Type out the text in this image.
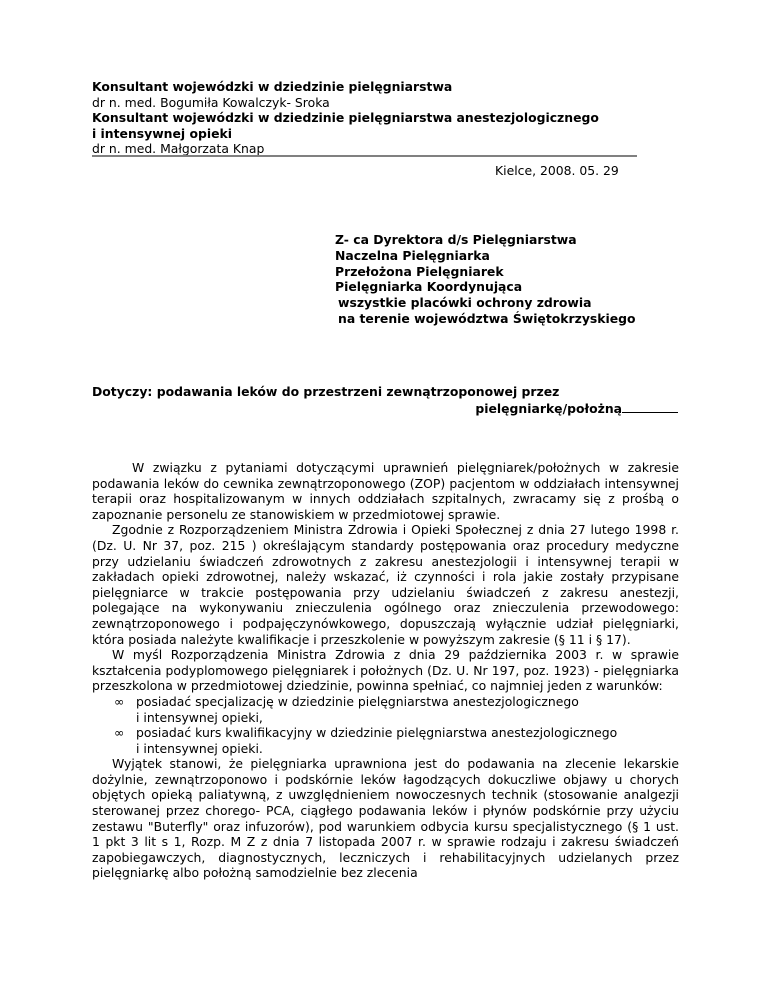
Konsultant wojewódzki w dziedzinie pielęgniarstwa
dr n. med. Bogumiła Kowalczyk- Sroka
Konsultant wojewódzki w dziedzinie pielęgniarstwa anestezjologicznego
i intensywnej opieki
dr n. med. Małgorzata Knap
Kielce, 2008. 05. 29
Z- ca Dyrektora d/s Pielęgniarstwa
Naczelna Pielęgniarka
Przełożona Pielęgniarek
Pielęgniarka Koordynująca
wszystkie placówki ochrony zdrowia
na terenie województwa Świętokrzyskiego
Dotyczy: podawania leków do przestrzeni zewnątrzoponowej przez
pielęgniarkę/położną

W związku z pytaniami dotyczącymi uprawnień pielęgniarek/położnych w zakresie podawania leków do cewnika zewnątrzoponowego (ZOP) pacjentom w oddziałach intensywnej terapii oraz hospitalizowanym w innych oddziałach szpitalnych, zwracamy się z prośbą o zapoznanie personelu ze stanowiskiem w przedmiotowej sprawie.

Zgodnie z Rozporządzeniem Ministra Zdrowia i Opieki Społecznej z dnia 27 lutego 1998 r.(Dz. U. Nr 37, poz. 215 ) określającym standardy postępowania oraz procedury medyczne przy udzielaniu świadczeń zdrowotnych z zakresu anestezjologii i intensywnej terapii w zakładach opieki zdrowotnej, należy wskazać, iż czynności i rola jakie zostały przypisane pielęgniarce w trakcie postępowania przy udzielaniu świadczeń z zakresu anestezji, polegające na wykonywaniu znieczulenia ogólnego oraz znieczulenia przewodowego: zewnątrzoponowego i podpajęczynówkowego, dopuszczają wyłącznie udział pielęgniarki, która posiada należyte kwalifikacje i przeszkolenie w powyższym zakresie (§ 11 i § 17).

W myśl Rozporządzenia Ministra Zdrowia z dnia 29 października 2003 r. w sprawie kształcenia podyplomowego pielęgniarek i położnych (Dz. U. Nr 197, poz. 1923) - pielęgniarka przeszkolona w przedmiotowej dziedzinie, powinna spełniać, co najmniej jeden z warunków:

∞ posiadać specjalizację w dziedzinie pielęgniarstwa anestezjologicznego
i intensywnej opieki,
∞ posiadać kurs kwalifikacyjny w dziedzinie pielęgniarstwa anestezjologicznego
i intensywnej opieki.

Wyjątek stanowi, że pielęgniarka uprawniona jest do podawania na zlecenie lekarskie dożylnie, zewnątrzoponowo i podskórnie leków łagodzących dokuczliwe objawy u chorych objętych opieką paliatywną, z uwzględnieniem nowoczesnych technik (stosowanie analgezji sterowanej przez chorego- PCA, ciągłego podawania leków i płynów podskórnie przy użyciu zestawu "Buterfly" oraz infuzorów), pod warunkiem odbycia kursu specjalistycznego (§ 1 ust. 1 pkt 3 lit s 1, Rozp. M Z z dnia 7 listopada 2007 r. w sprawie rodzaju i zakresu świadczeń zapobiegawczych, diagnostycznych, leczniczych i rehabilitacyjnych udzielanych przez pielęgniarkę albo położną samodzielnie bez zlecenia
